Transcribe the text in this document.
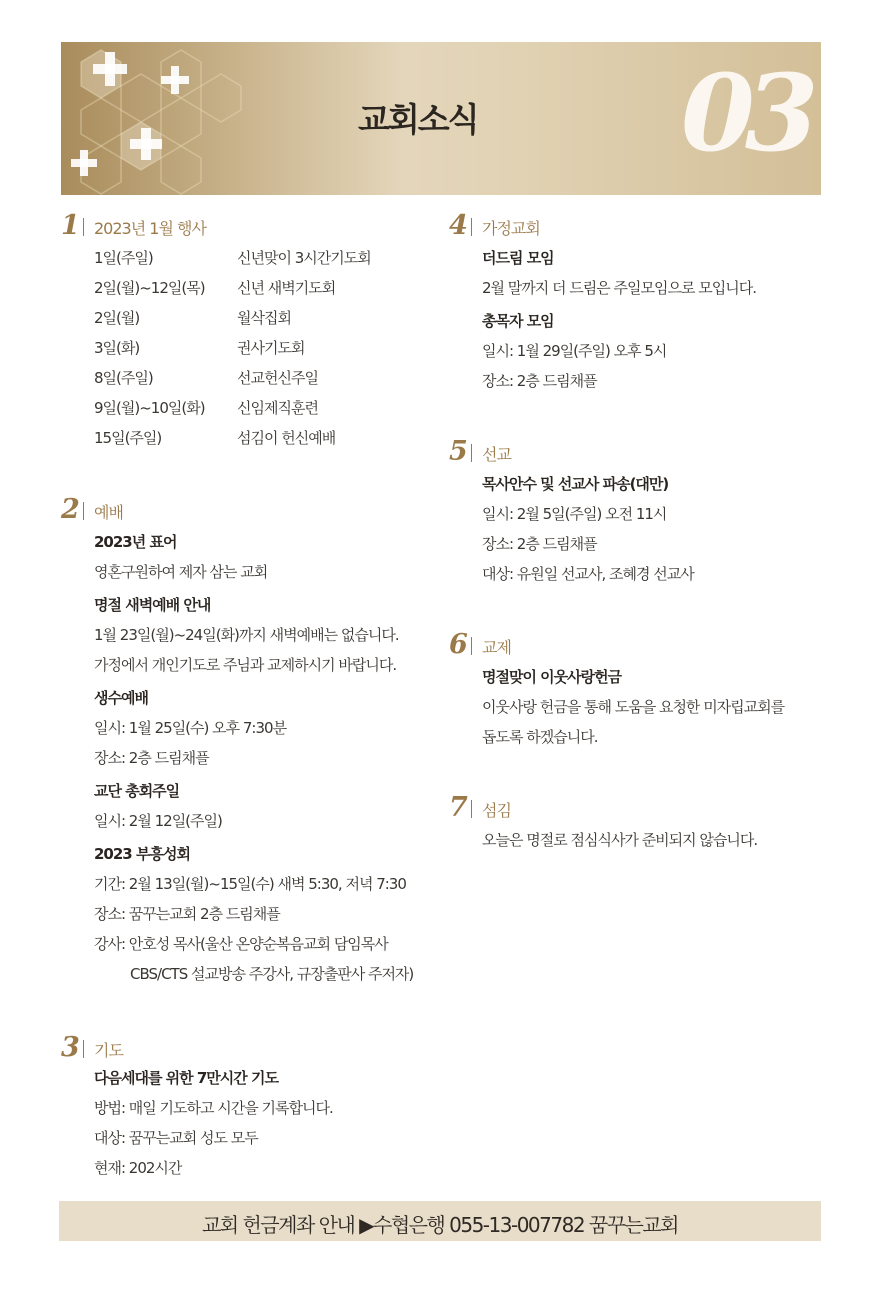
교회소식 03
1 2023년 1월 행사
1일(주일)	신년맞이 3시간기도회
2일(월)~12일(목) 신년 새벽기도회
2일(월)	월삭집회
3일(화)	권사기도회
8일(주일)	선교헌신주일
9일(월)~10일(화) 신임제직훈련
15일(주일)	섬김이 헌신예배
2 예배
2023년 표어
영혼구원하여 제자 삼는 교회
명절 새벽예배 안내
1월 23일(월)~24일(화)까지 새벽예배는 없습니다.
가정에서 개인기도로 주님과 교제하시기 바랍니다.
생수예배
일시: 1월 25일(수) 오후 7:30분
장소: 2층 드림채플
교단 총회주일
일시: 2월 12일(주일)
2023 부흥성회
기간: 2월 13일(월)~15일(수) 새벽 5:30, 저녁 7:30
장소: 꿈꾸는교회 2층 드림채플
강사: 안호성 목사(울산 온양순복음교회 담임목사
CBS/CTS 설교방송 주강사, 규장출판사 주저자)
3 기도
다음세대를 위한 7만시간 기도
방법: 매일 기도하고 시간을 기록합니다.
대상: 꿈꾸는교회 성도 모두
현재: 202시간
4 가정교회
더드림 모임
2월 말까지 더 드림은 주일모임으로 모입니다.
총목자 모임
일시: 1월 29일(주일) 오후 5시
장소: 2층 드림채플
5 선교
목사안수 및 선교사 파송(대만)
일시: 2월 5일(주일) 오전 11시
장소: 2층 드림채플
대상: 유원일 선교사, 조혜경 선교사
6 교제
명절맞이 이웃사랑헌금
이웃사랑 헌금을 통해 도움을 요청한 미자립교회를
돕도록 하겠습니다.
7 섬김
오늘은 명절로 점심식사가 준비되지 않습니다.
교회 헌금계좌 안내 ▶수협은행 055-13-007782 꿈꾸는교회
